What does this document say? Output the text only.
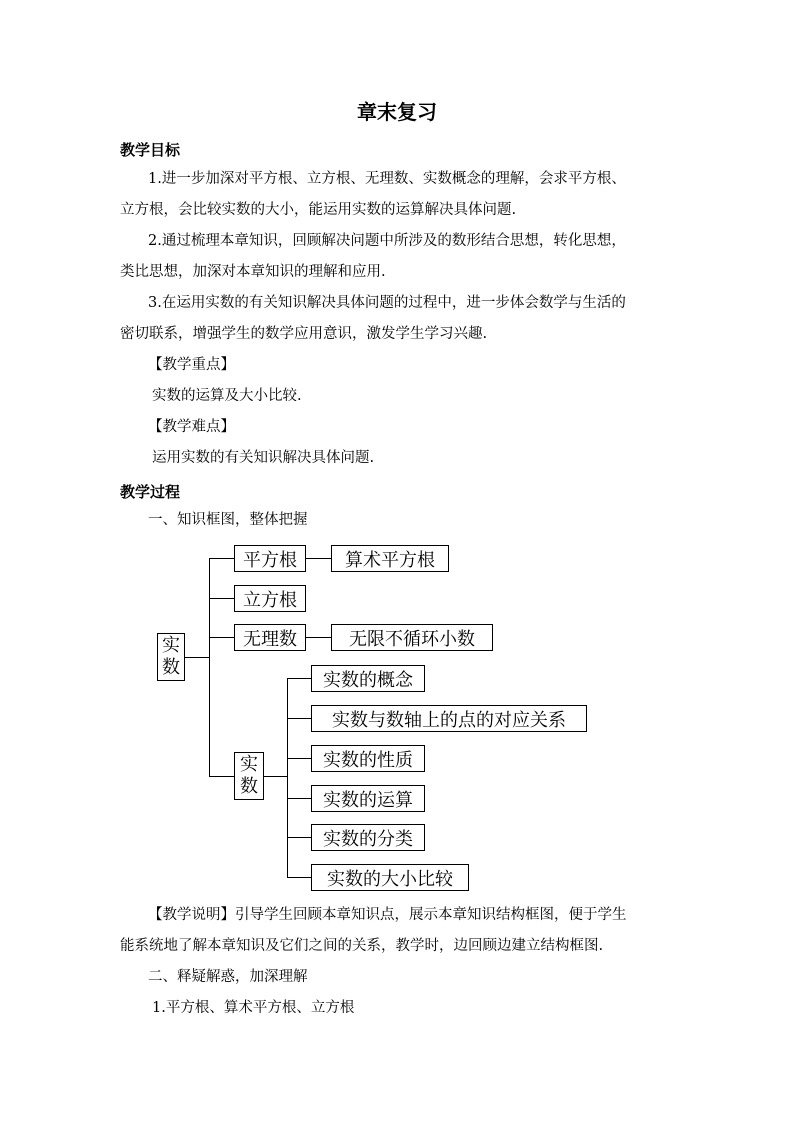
章末复习
教学目标
1.进一步加深对平方根、立方根、无理数、实数概念的理解，会求平方根、
立方根，会比较实数的大小，能运用实数的运算解决具体问题.
2.通过梳理本章知识，回顾解决问题中所涉及的数形结合思想，转化思想，
类比思想，加深对本章知识的理解和应用.
3.在运用实数的有关知识解决具体问题的过程中，进一步体会数学与生活的
密切联系，增强学生的数学应用意识，激发学生学习兴趣.
【教学重点】
实数的运算及大小比较.
【教学难点】
运用实数的有关知识解决具体问题.
教学过程
一、知识框图，整体把握
实
数
平方根	算术平方根
立方根
无理数	无限不循环小数
实
数
实数的概念
实数与数轴上的点的对应关系
实数的性质
实数的运算
实数的分类
实数的大小比较
【教学说明】引导学生回顾本章知识点，展示本章知识结构框图，便于学生
能系统地了解本章知识及它们之间的关系，教学时，边回顾边建立结构框图.
二、释疑解惑，加深理解
1.平方根、算术平方根、立方根
